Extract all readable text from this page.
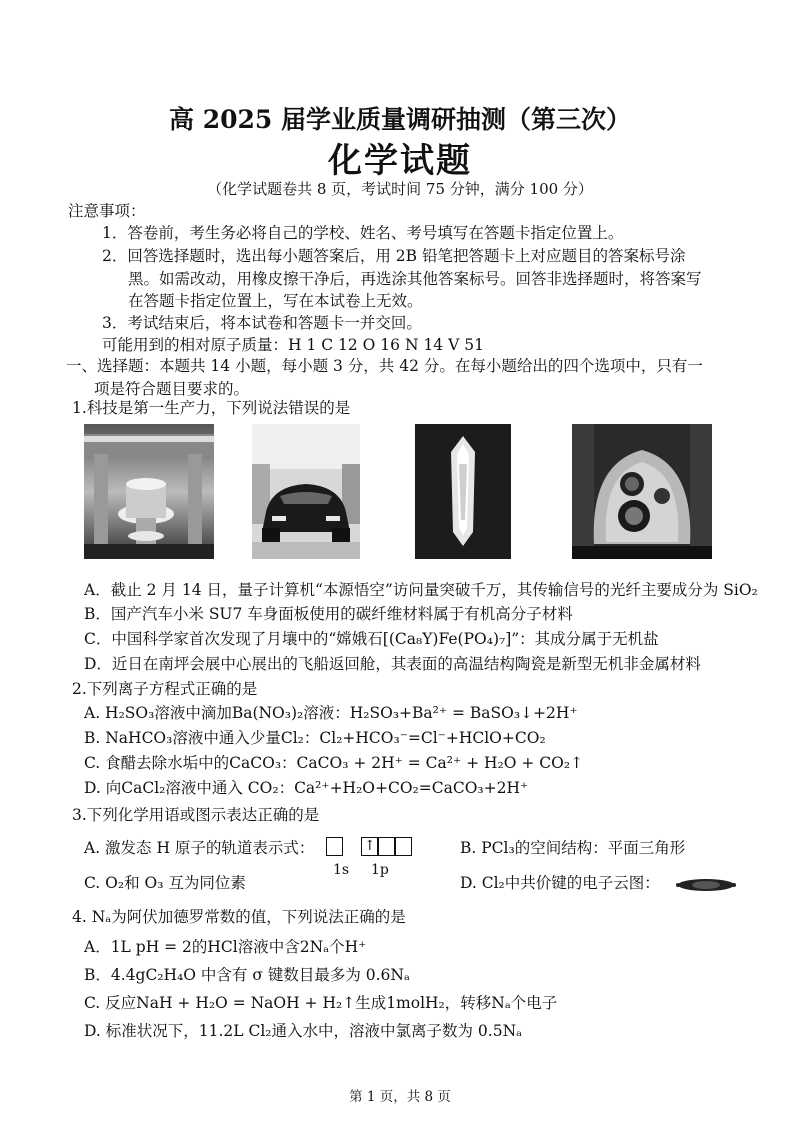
高 2025 届学业质量调研抽测（第三次）
化学试题
（化学试题卷共 8 页，考试时间 75 分钟，满分 100 分）
注意事项：
1．答卷前，考生务必将自己的学校、姓名、考号填写在答题卡指定位置上。
2．回答选择题时，选出每小题答案后，用 2B 铅笔把答题卡上对应题目的答案标号涂
黑。如需改动，用橡皮擦干净后，再选涂其他答案标号。回答非选择题时，将答案写
在答题卡指定位置上，写在本试卷上无效。
3．考试结束后，将本试卷和答题卡一并交回。
可能用到的相对原子质量：H 1 C 12 O 16 N 14 V 51
一、选择题：本题共 14 小题，每小题 3 分，共 42 分。在每小题给出的四个选项中，只有一
项是符合题目要求的。
1.科技是第一生产力，下列说法错误的是
A．截止 2 月 14 日，量子计算机“本源悟空”访问量突破千万，其传输信号的光纤主要成分为 SiO₂
B．国产汽车小米 SU7 车身面板使用的碳纤维材料属于有机高分子材料
C．中国科学家首次发现了月壤中的“嫦娥石[(Ca₈Y)Fe(PO₄)₇]”：其成分属于无机盐
D．近日在南坪会展中心展出的飞船返回舱，其表面的高温结构陶瓷是新型无机非金属材料
2.下列离子方程式正确的是
A. H₂SO₃溶液中滴加Ba(NO₃)₂溶液：H₂SO₃+Ba²⁺ = BaSO₃↓+2H⁺
B. NaHCO₃溶液中通入少量Cl₂：Cl₂+HCO₃⁻=Cl⁻+HClO+CO₂
C. 食醋去除水垢中的CaCO₃：CaCO₃ + 2H⁺ = Ca²⁺ + H₂O + CO₂↑
D. 向CaCl₂溶液中通入 CO₂：Ca²⁺+H₂O+CO₂=CaCO₃+2H⁺
3.下列化学用语或图示表达正确的是
A. 激发态 H 原子的轨道表示式：	↑
1s 1p
B. PCl₃的空间结构：平面三角形
C. O₂和 O₃ 互为同位素	D. Cl₂中共价键的电子云图：
4. Nₐ为阿伏加德罗常数的值，下列说法正确的是
A．1L pH = 2的HCl溶液中含2Nₐ个H⁺
B．4.4gC₂H₄O 中含有 σ 键数目最多为 0.6Nₐ
C. 反应NaH + H₂O = NaOH + H₂↑生成1molH₂，转移Nₐ个电子
D. 标准状况下，11.2L Cl₂通入水中，溶液中氯离子数为 0.5Nₐ
第 1 页，共 8 页
